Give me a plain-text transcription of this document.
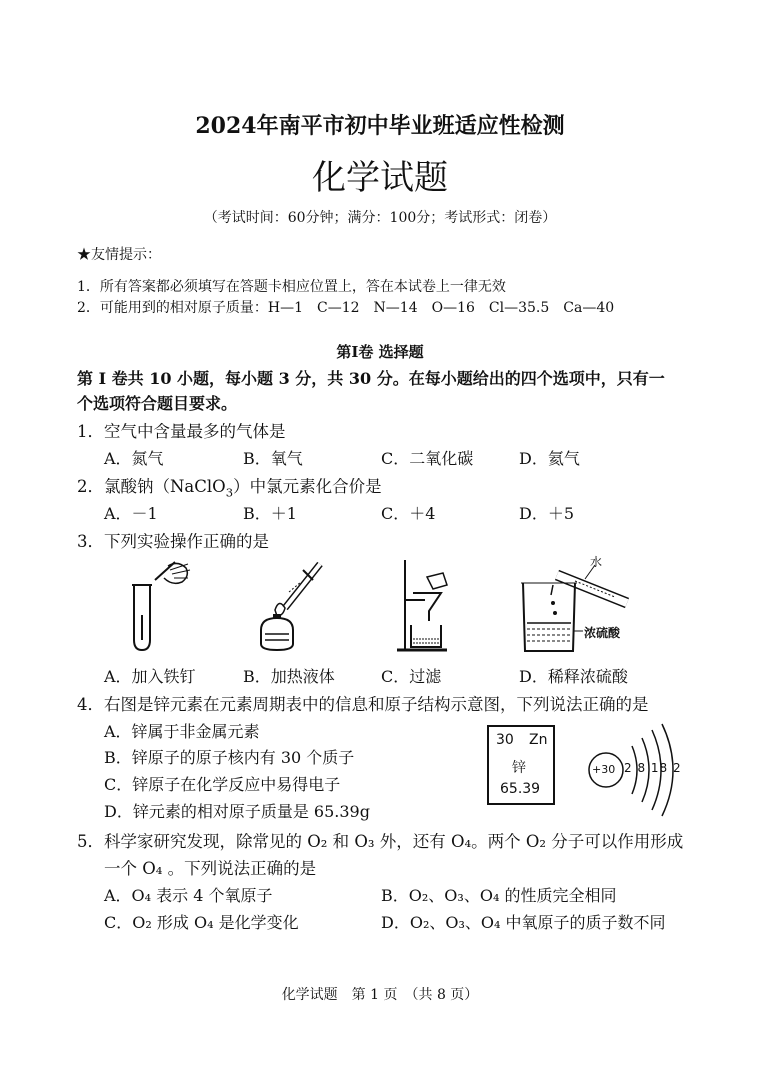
2024年南平市初中毕业班适应性检测
化学试题
（考试时间：60分钟；满分：100分；考试形式：闭卷）
★友情提示：
1．所有答案都必须填写在答题卡相应位置上，答在本试卷上一律无效
2．可能用到的相对原子质量：H—1　C—12　N—14　O—16　Cl—35.5　Ca—40
第Ⅰ卷 选择题
第 I 卷共 10 小题，每小题 3 分，共 30 分。在每小题给出的四个选项中，只有一
个选项符合题目要求。
1．空气中含量最多的气体是
A．氮气	B．氧气	C．二氧化碳	D．氦气
2．氯酸钠（NaClO$_3$）中氯元素化合价是
A．－1	B．＋1	C．＋4	D．＋5
3．下列实验操作正确的是
水
浓硫酸
A．加入铁钉	B．加热液体	C．过滤	D．稀释浓硫酸
4．右图是锌元素在元素周期表中的信息和原子结构示意图，下列说法正确的是
A．锌属于非金属元素
B．锌原子的原子核内有 30 个质子
C．锌原子在化学反应中易得电子
D．锌元素的相对原子质量是 65.39g
30 Zn
锌
65.39
+30 2 8 18 2
5．科学家研究发现，除常见的 O₂ 和 O₃ 外，还有 O₄。两个 O₂ 分子可以作用形成
一个 O₄ 。下列说法正确的是
A．O₄ 表示 4 个氧原子	B．O₂、O₃、O₄ 的性质完全相同
C．O₂ 形成 O₄ 是化学变化	D．O₂、O₃、O₄ 中氧原子的质子数不同
化学试题　第 1 页　（共 8 页）
